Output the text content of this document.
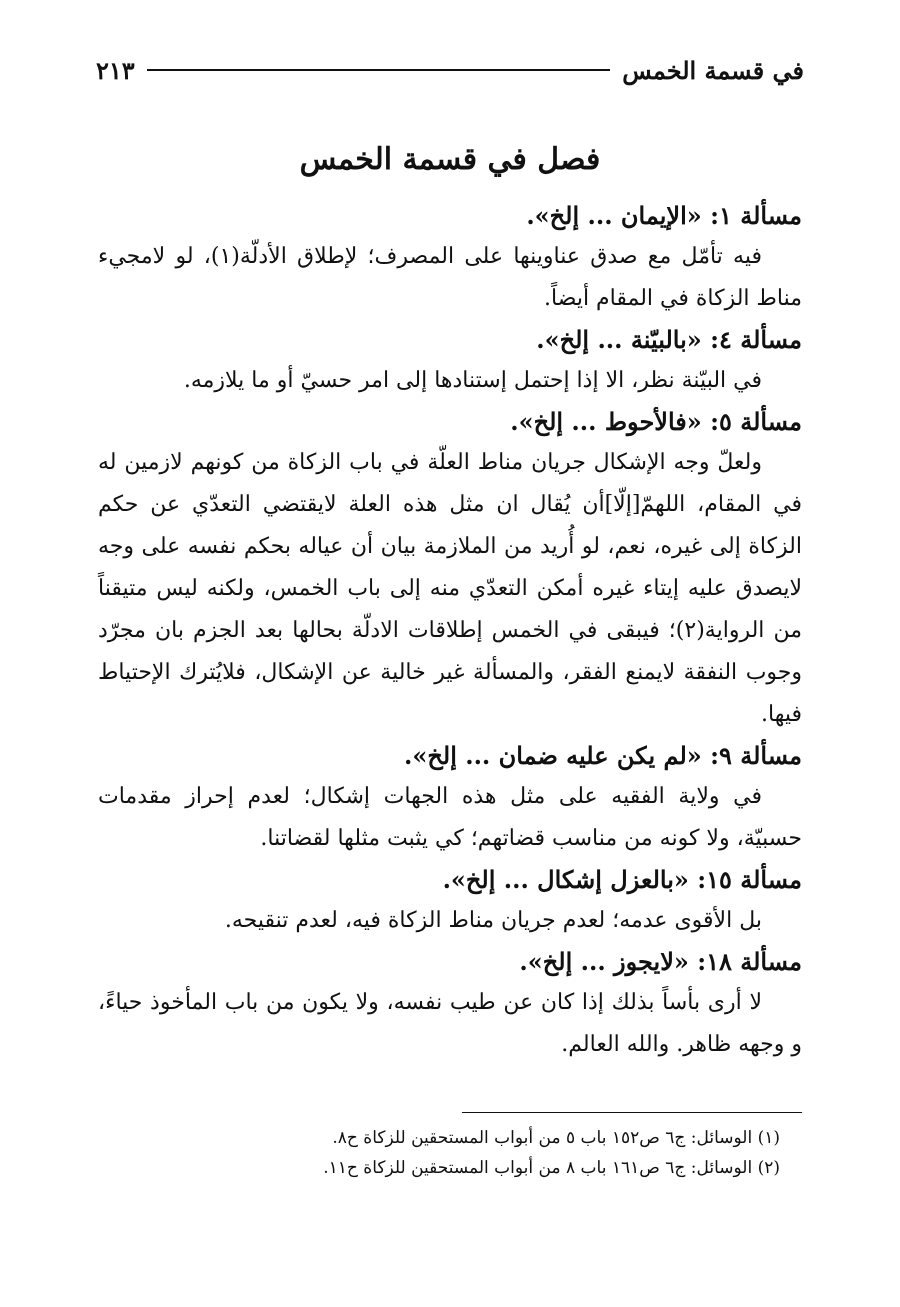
في قسمة الخمس
٢١٣
فصل في قسمة الخمس
مسألة ١: «الإيمان ... إلخ».

فيه تأمّل مع صدق عناوينها على المصرف؛ لإطلاق الأدلّة(١)، لو لامجيء مناط الزكاة في المقام أيضاً.

مسألة ٤: «بالبيّنة ... إلخ».

في البيّنة نظر، الا إذا إحتمل إستنادها إلى امر حسيّ أو ما يلازمه.

مسألة ٥: «فالأحوط ... إلخ».

ولعلّ وجه الإشكال جريان مناط العلّة في باب الزكاة من كونهم لازمين له في المقام، اللهمّ[إلّا]أن يُقال ان مثل هذه العلة لايقتضي التعدّي عن حكم الزكاة إلى غيره، نعم، لو أُريد من الملازمة بيان أن عياله بحكم نفسه على وجه لايصدق عليه إيتاء غيره أمكن التعدّي منه إلى باب الخمس، ولكنه ليس متيقناً من الرواية(٢)؛ فيبقى في الخمس إطلاقات الادلّة بحالها بعد الجزم بان مجرّد وجوب النفقة لايمنع الفقر، والمسألة غير خالية عن الإشكال، فلايُترك الإحتياط فيها.

مسألة ٩: «لم يكن عليه ضمان ... إلخ».

في ولاية الفقيه على مثل هذه الجهات إشكال؛ لعدم إحراز مقدمات حسبيّة، ولا كونه من مناسب قضاتهم؛ كي يثبت مثلها لقضاتنا.

مسألة ١٥: «بالعزل إشكال ... إلخ».

بل الأقوى عدمه؛ لعدم جريان مناط الزكاة فيه، لعدم تنقيحه.

مسألة ١٨: «لايجوز ... إلخ».

لا أرى بأساً بذلك إذا كان عن طيب نفسه، ولا يكون من باب المأخوذ حياءً، و وجهه ظاهر. والله العالم.

(١) الوسائل: ج٦ ص١٥٢ باب ٥ من أبواب المستحقين للزكاة ح٨.

(٢) الوسائل: ج٦ ص١٦١ باب ٨ من أبواب المستحقين للزكاة ح١١.
